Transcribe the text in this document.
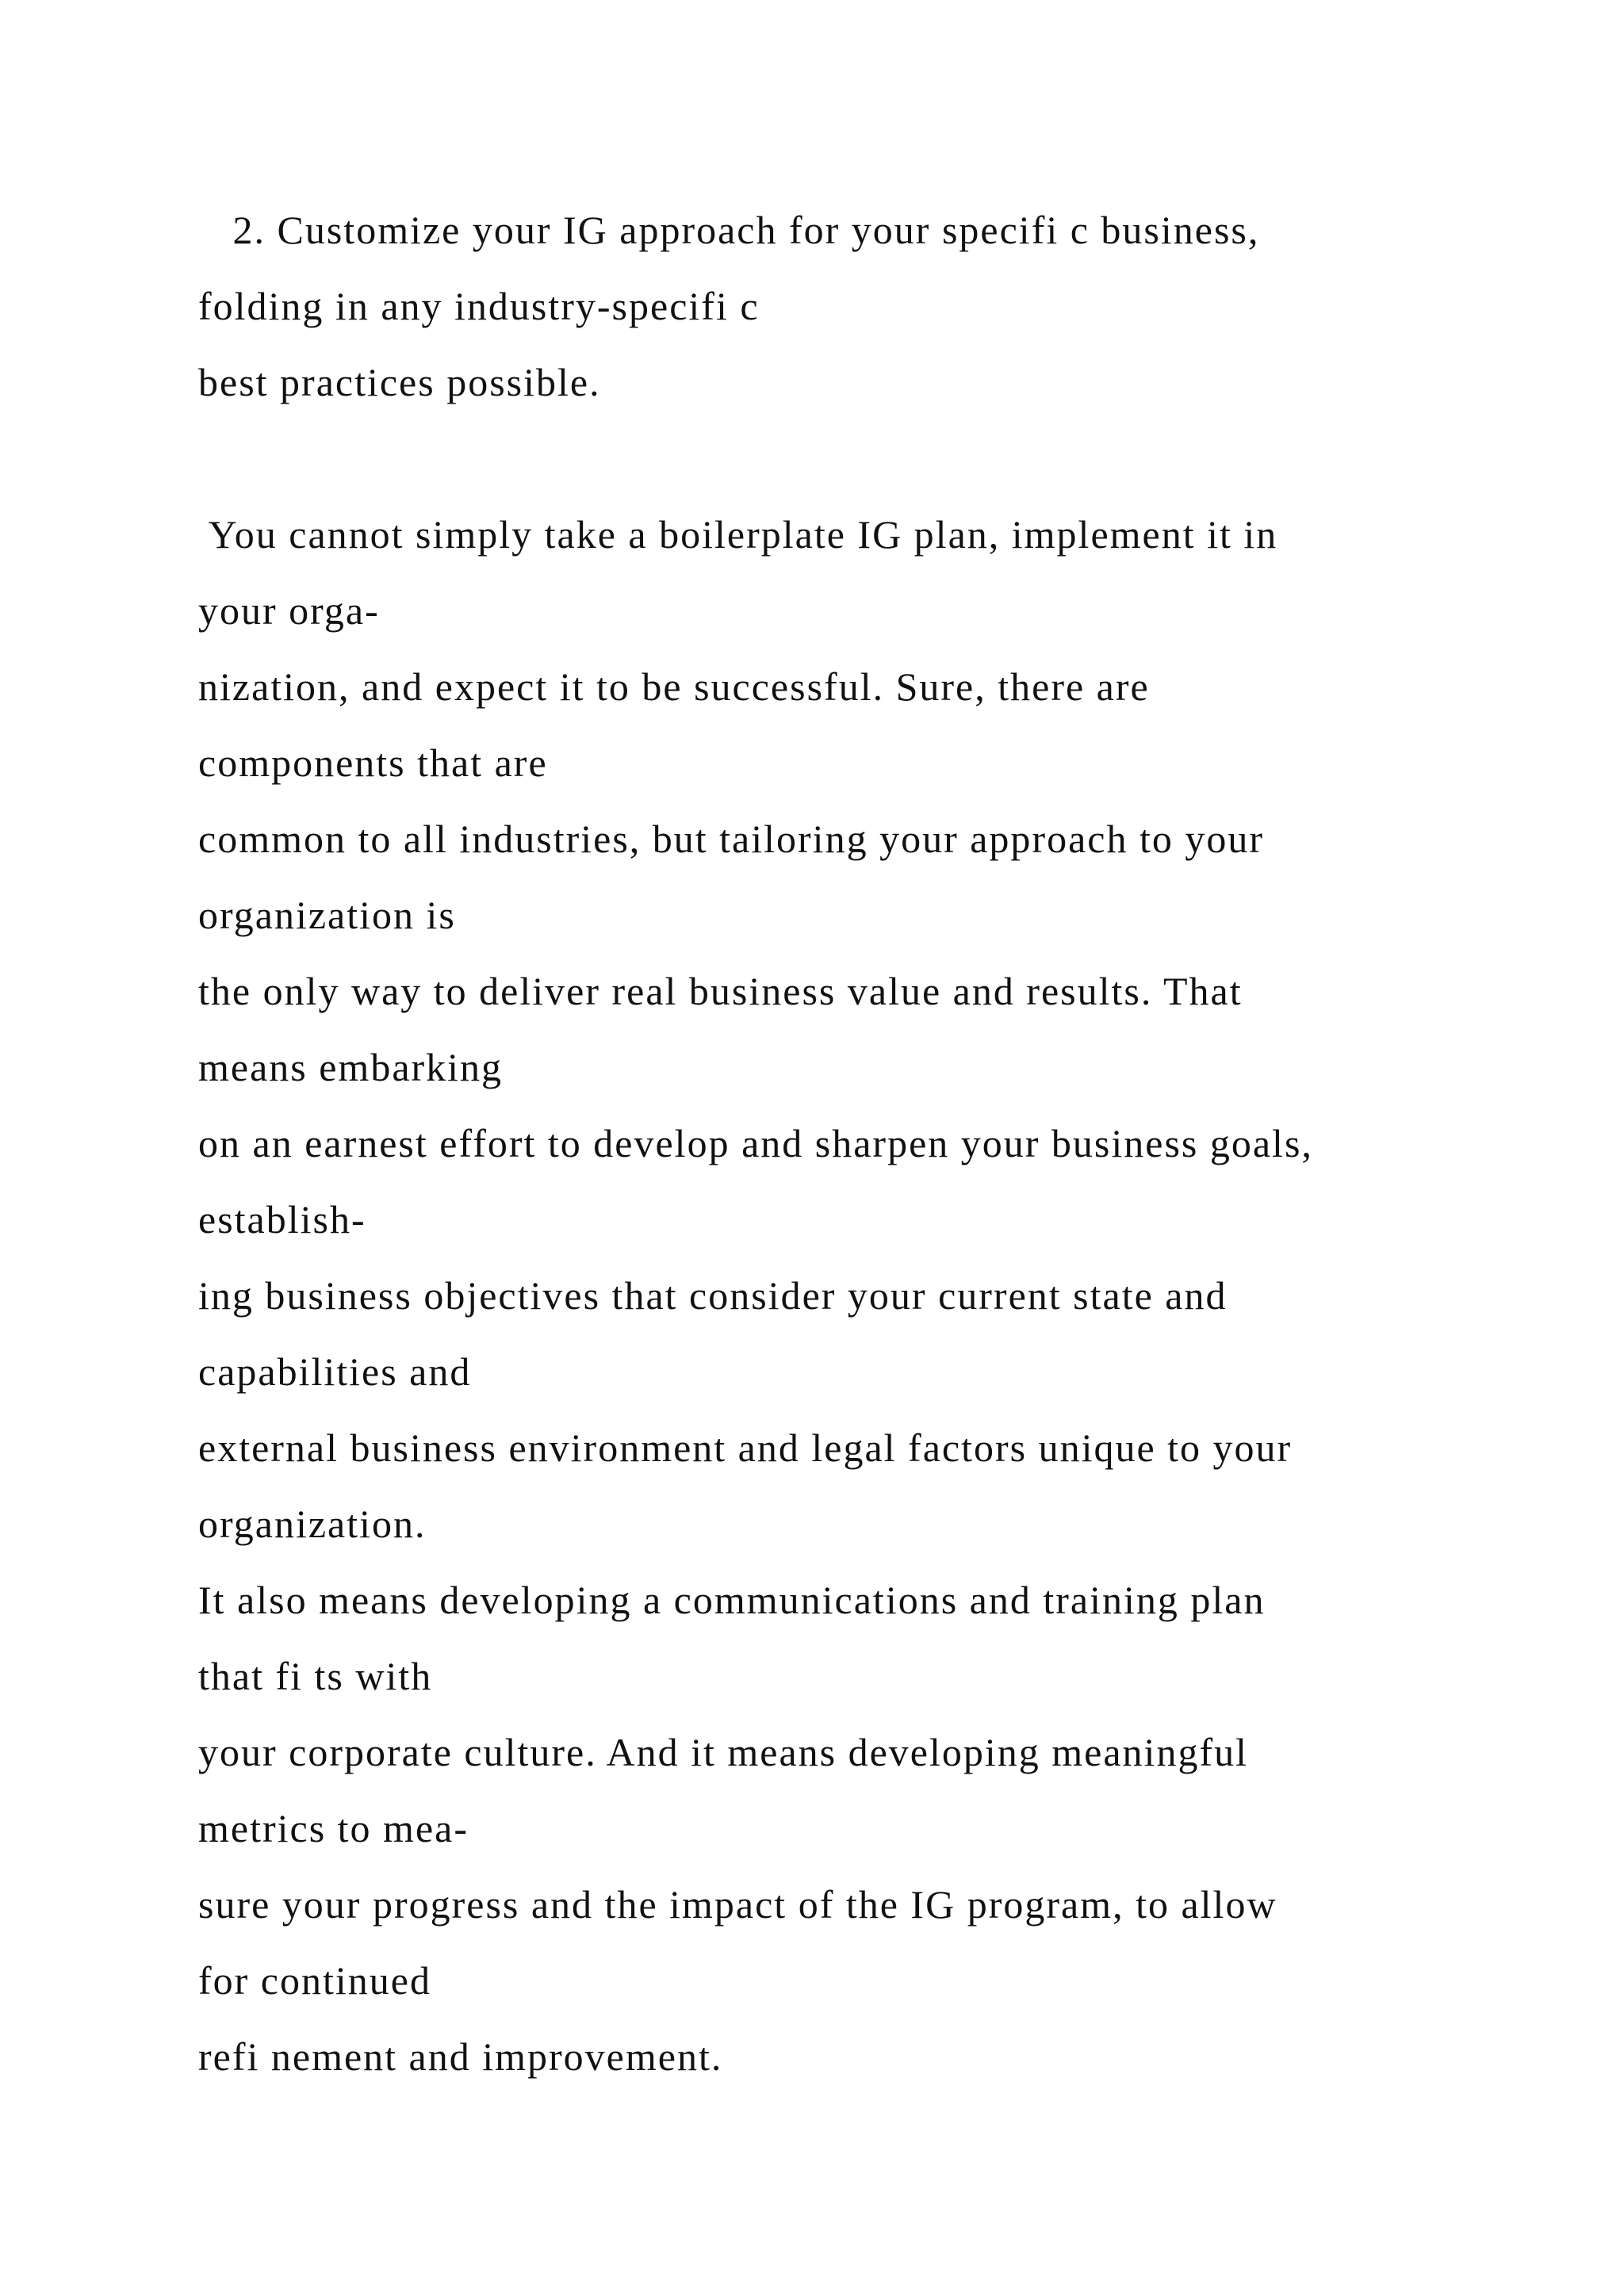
2. Customize your IG approach for your specifi c business,
folding in any industry-specifi c
best practices possible.
You cannot simply take a boilerplate IG plan, implement it in
your orga-
nization, and expect it to be successful. Sure, there are
components that are
common to all industries, but tailoring your approach to your
organization is
the only way to deliver real business value and results. That
means embarking
on an earnest effort to develop and sharpen your business goals,
establish-
ing business objectives that consider your current state and
capabilities and
external business environment and legal factors unique to your
organization.
It also means developing a communications and training plan
that fi ts with
your corporate culture. And it means developing meaningful
metrics to mea-
sure your progress and the impact of the IG program, to allow
for continued
refi nement and improvement.
